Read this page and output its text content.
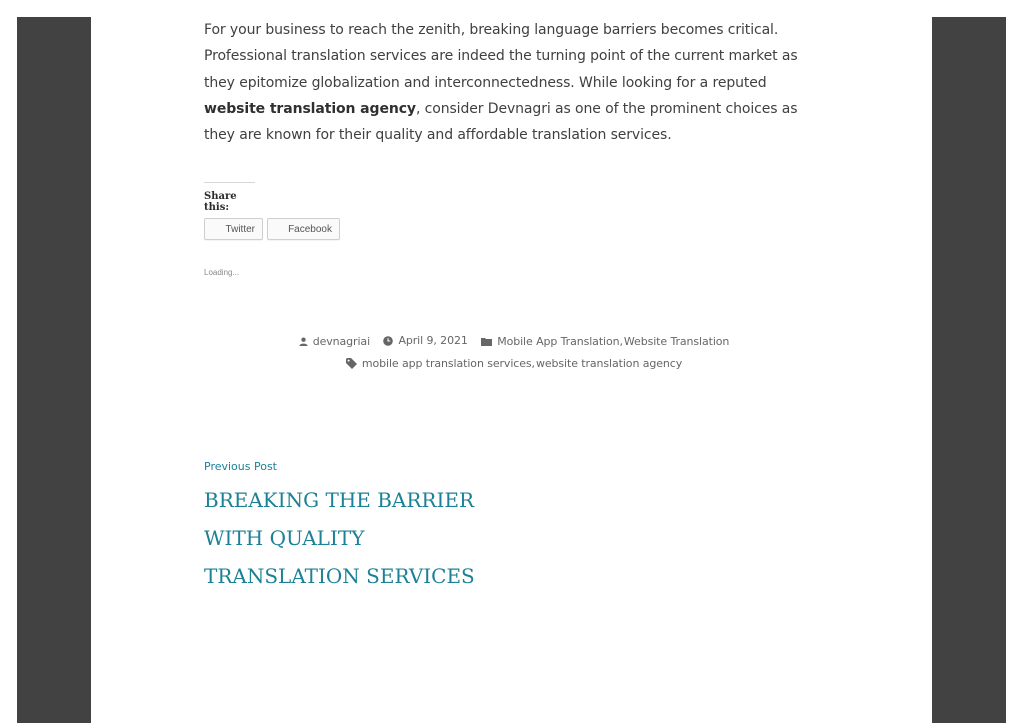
For your business to reach the zenith, breaking language barriers becomes critical. Professional translation services are indeed the turning point of the current market as they epitomize globalization and interconnectedness. While looking for a reputed website translation agency, consider Devnagri as one of the prominent choices as they are known for their quality and affordable translation services.

Share this:
Twitter	Facebook
Loading...
devnagriai
	April 9, 2021
	Mobile App Translation , Website Translation
mobile app translation services , website translation agency
Previous Post
BREAKING THE BARRIER
WITH QUALITY
TRANSLATION SERVICES
